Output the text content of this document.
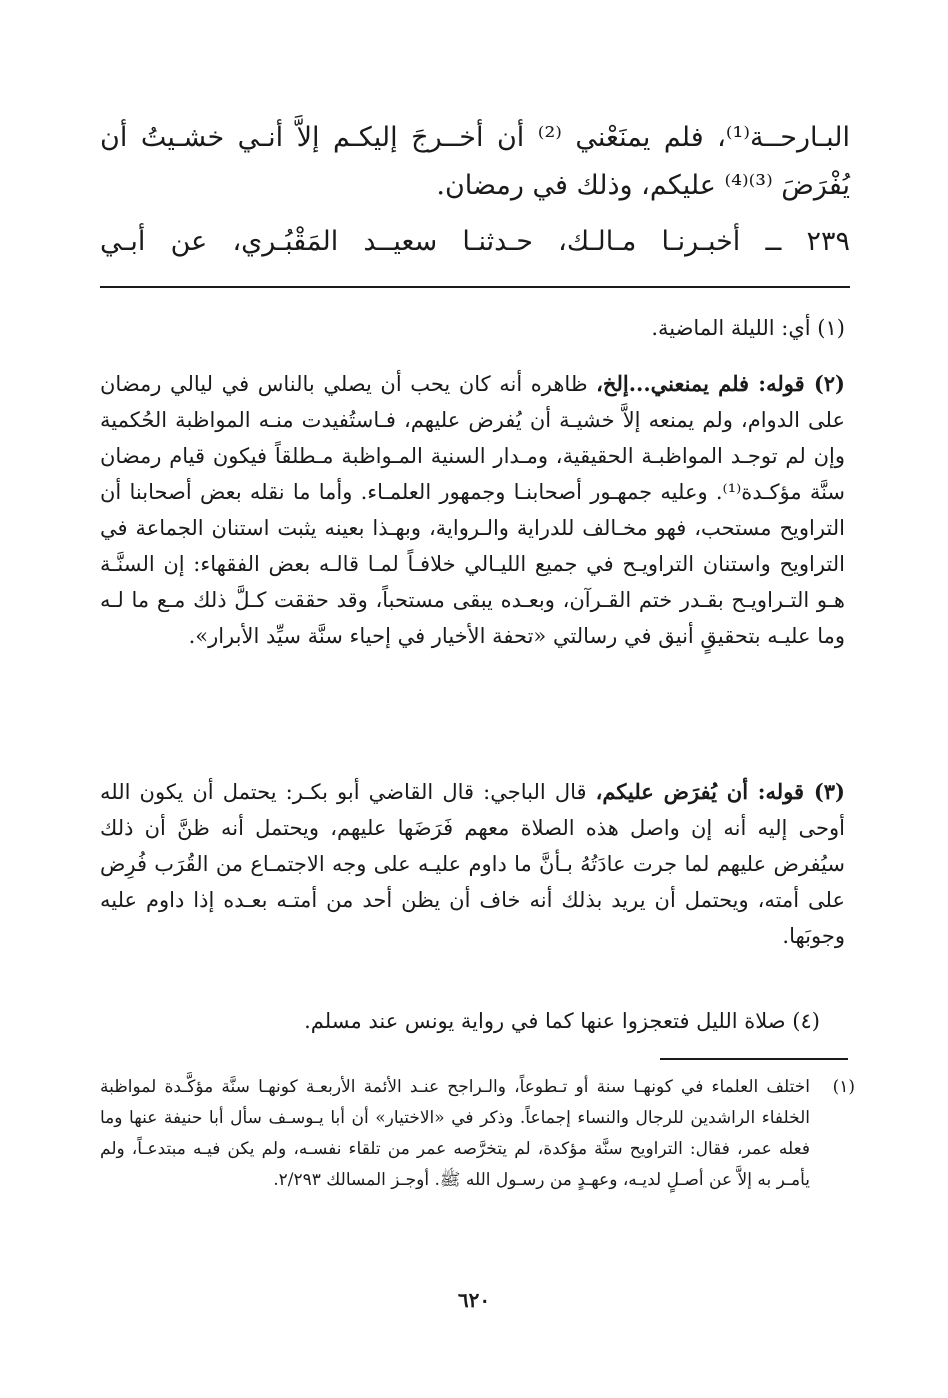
البـارحــة⁽¹⁾، فلم يمنَعْني ⁽²⁾ أن أخــرجَ إليكـم إلاَّ أنـي خشـيتُ أن

يُفْرَضَ ⁽³⁾⁽⁴⁾ عليكم، وذلك في رمضان.

٢٣٩ ــ أخبـرنـا مـالـك، حـدثنـا سعيــد المَقْبُـري، عن أبـي

(١) أي: الليلة الماضية.

(٢) قوله: فلم يمنعني...إلخ، ظاهره أنه كان يحب أن يصلي بالناس في ليالي رمضان على الدوام، ولم يمنعه إلاَّ خشيـة أن يُفرض عليهم، فـاستُفيدت منـه المواظبة الحُكمية وإن لم توجـد المواظبـة الحقيقية، ومـدار السنية المـواظبة مـطلقاً فيكون قيام رمضان سنَّة مؤكـدة⁽¹⁾. وعليه جمهـور أصحابنـا وجمهور العلمـاء. وأما ما نقله بعض أصحابنا أن التراويح مستحب، فهو مخـالف للدراية والـرواية، وبهـذا بعينه يثبت استنان الجماعة في التراويح واستنان التراويـح في جميع الليـالي خلافـاً لمـا قالـه بعض الفقهاء: إن السنَّـة هـو التـراويـح بقـدر ختم القـرآن، وبعـده يبقى مستحباً، وقد حققت كـلَّ ذلك مـع ما لـه وما عليـه بتحقيقٍ أنيق في رسالتي «تحفة الأخيار في إحياء سنَّة سيِّد الأبرار».

(٣) قوله: أن يُفرَض عليكم، قال الباجي: قال القاضي أبو بكـر: يحتمل أن يكون الله أوحى إليه أنه إن واصل هذه الصلاة معهم فَرَضَها عليهم، ويحتمل أنه ظنَّ أن ذلك سيُفرض عليهم لما جرت عادَتُهُ بـأنَّ ما داوم عليـه على وجه الاجتمـاع من القُرَب فُرِض على أمته، ويحتمل أن يريد بذلك أنه خاف أن يظن أحد من أمتـه بعـده إذا داوم عليه وجوبَها.

(٤) صلاة الليل فتعجزوا عنها كما في رواية يونس عند مسلم.

(١)

اختلف العلماء في كونهـا سنة أو تـطوعاً، والـراجح عنـد الأئمة الأربعـة كونهـا سنَّة مؤكَّـدة لمواظبة الخلفاء الراشدين للرجال والنساء إجماعاً. وذكر في «الاختيار» أن أبا يـوسـف سأل أبا حنيفة عنها وما فعله عمر، فقال: التراويح سنَّة مؤكدة، لم يتخرَّصه عمر من تلقاء نفسـه، ولم يكن فيـه مبتدعـاً، ولم يأمـر به إلاَّ عن أصـلٍ لديـه، وعهـدٍ من رسـول الله ﷺ. أوجـز المسالك ٢/٢٩٣.

٦٢٠
